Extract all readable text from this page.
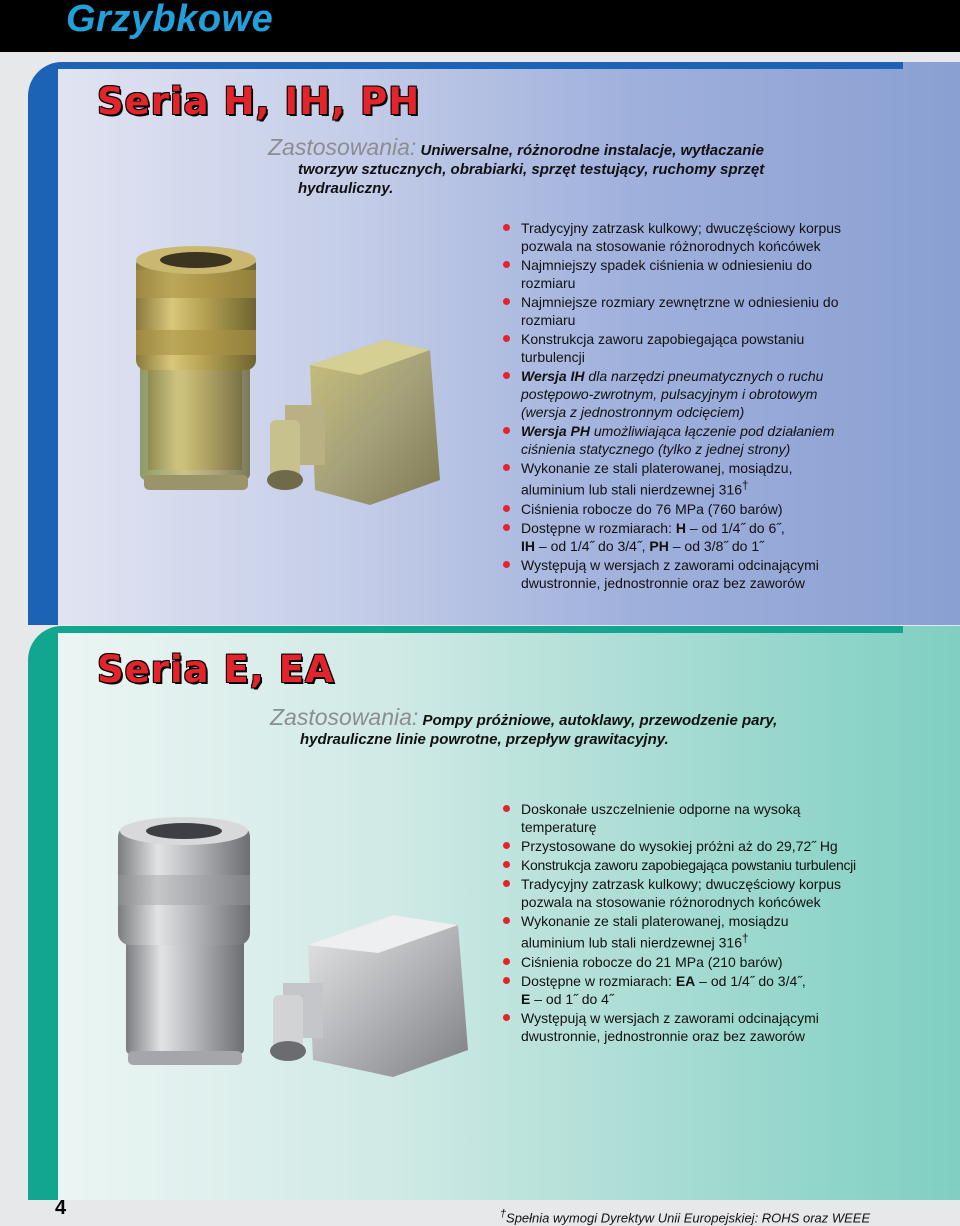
Grzybkowe
Seria H, IH, PH
Zastosowania: Uniwersalne, różnorodne instalacje, wytłaczanie

tworzyw sztucznych, obrabiarki, sprzęt testujący, ruchomy sprzęt
hydrauliczny.
Tradycyjny zatrzask kulkowy; dwuczęściowy korpus
pozwala na stosowanie różnorodnych końcówek
Najmniejszy spadek ciśnienia w odniesieniu do
rozmiaru
Najmniejsze rozmiary zewnętrzne w odniesieniu do
rozmiaru
Konstrukcja zaworu zapobiegająca powstaniu
turbulencji
Wersja IH dla narzędzi pneumatycznych o ruchu
postępowo-zwrotnym, pulsacyjnym i obrotowym
(wersja z jednostronnym odcięciem)
Wersja PH umożliwiająca łączenie pod działaniem
ciśnienia statycznego (tylko z jednej strony)
Wykonanie ze stali platerowanej, mosiądzu,
aluminium lub stali nierdzewnej 316†
Ciśnienia robocze do 76 MPa (760 barów)
Dostępne w rozmiarach: H – od 1/4˝ do 6˝,
IH – od 1/4˝ do 3/4˝, PH – od 3/8˝ do 1˝
Występują w wersjach z zaworami odcinającymi
dwustronnie, jednostronnie oraz bez zaworów
Seria E, EA
Zastosowania: Pompy próżniowe, autoklawy, przewodzenie pary,

hydrauliczne linie powrotne, przepływ grawitacyjny.
Doskonałe uszczelnienie odporne na wysoką
temperaturę
Przystosowane do wysokiej próżni aż do 29,72˝ Hg
Konstrukcja zaworu zapobiegająca powstaniu turbulencji
Tradycyjny zatrzask kulkowy; dwuczęściowy korpus
pozwala na stosowanie różnorodnych końcówek
Wykonanie ze stali platerowanej, mosiądzu
aluminium lub stali nierdzewnej 316†
Ciśnienia robocze do 21 MPa (210 barów)
Dostępne w rozmiarach: EA – od 1/4˝ do 3/4˝,
E – od 1˝ do 4˝
Występują w wersjach z zaworami odcinającymi
dwustronnie, jednostronnie oraz bez zaworów
4	†Spełnia wymogi Dyrektyw Unii Europejskiej: ROHS oraz WEEE
